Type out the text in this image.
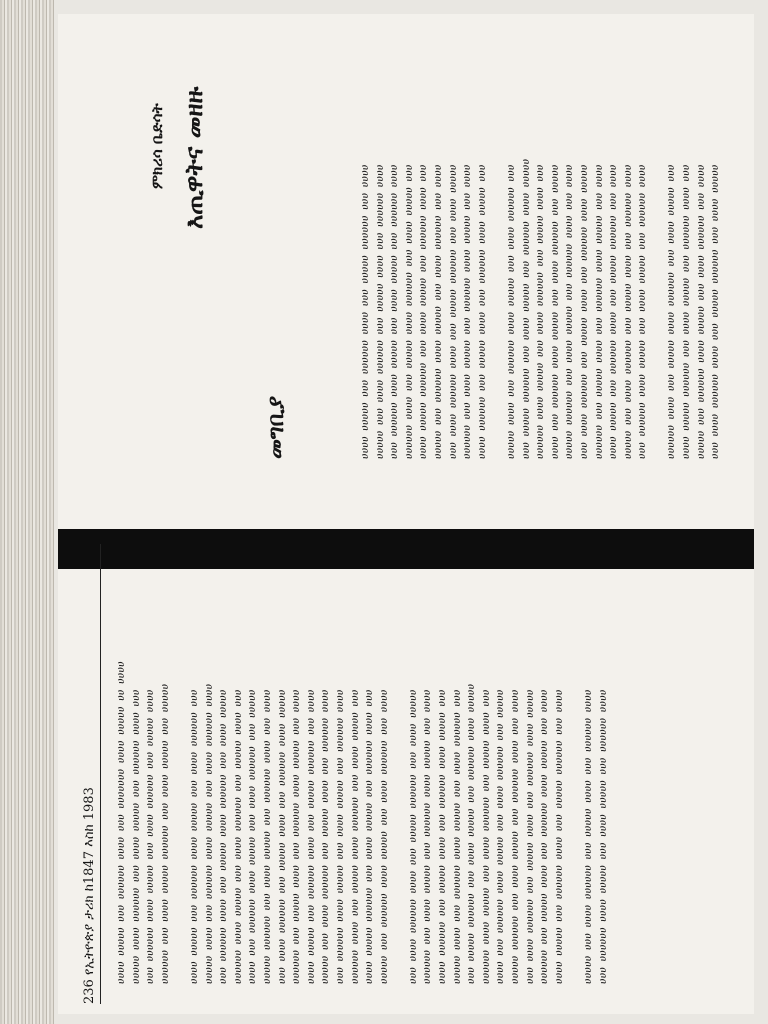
236 የኢትዮጵያ ታሪክ ከ1847 እስከ 1983	ሀሀሀሀ ሀሀሀሀሀ ሀሀሀ ሀሀሀሀሀሀ ሀሀሀሀ ሀሀሀ ሀሀሀሀሀሀሀ ሀሀሀሀ ሀሀሀሀሀ ሀሀ ሀሀሀሀ ሀሀሀሀሀ ሀሀሀሀ ሀሀሀሀሀሀ ሀሀሀ ሀሀሀሀ ሀሀሀሀሀ ሀሀሀ ሀሀሀሀሀሀ ሀሀሀሀ ሀሀሀ ሀሀሀ ሀሀሀሀሀሀ ሀሀሀሀ ሀሀሀሀሀ ሀሀሀ ሀሀሀሀ ሀሀሀሀሀሀ ሀሀሀ ሀሀሀሀሀ ሀሀሀሀ ሀሀሀሀሀሀ ሀሀሀ ሀሀሀሀ ሀሀሀሀሀ ሀሀሀሀሀሀ ሀሀሀ ሀሀሀሀ ሀሀሀሀሀ ሀሀሀ ሀሀሀሀሀ
ሀሀሀሀ ሀሀሀሀሀ ሀሀሀ ሀሀሀሀሀሀ ሀሀሀሀ ሀሀሀሀሀ ሀሀሀ ሀሀሀሀ ሀሀሀሀሀሀ ሀሀሀ ሀሀሀሀሀ ሀሀሀሀ ሀሀሀ ሀሀሀሀሀሀ ሀሀሀሀ ሀሀሀሀሀ ሀሀሀ ሀሀሀሀ ሀሀሀሀሀሀ ሀሀሀሀ ሀሀሀ ሀሀሀሀሀሀ ሀሀሀሀ ሀሀሀ ሀሀሀሀሀ ሀሀሀሀ ሀሀሀሀሀሀ ሀሀሀ ሀሀሀሀ ሀሀሀሀሀ ሀሀሀሀሀሀ ሀሀሀሀ ሀሀሀሀሀ ሀሀሀ ሀሀሀሀ ሀሀሀሀሀሀ ሀሀሀ ሀሀሀሀሀ ሀሀሀሀ ሀሀሀ ሀሀሀሀ ሀሀሀ ሀሀሀሀሀሀ ሀሀሀሀ ሀሀሀሀሀ ሀሀሀ ሀሀሀሀ ሀሀሀሀሀሀ ሀሀሀ ሀሀሀሀሀ ሀሀሀሀሀ ሀሀሀሀሀሀ ሀሀሀ ሀሀሀሀ ሀሀሀሀሀ ሀሀሀ ሀሀሀሀሀሀ ሀሀሀሀ ሀሀሀ ሀሀሀሀ ሀሀሀ ሀሀሀሀ ሀሀሀሀሀሀ ሀሀሀ ሀሀሀሀሀ ሀሀሀሀ ሀሀሀ ሀሀሀሀሀሀ ሀሀሀሀ ሀሀሀሀሀ ሀሀሀሀሀሀ ሀሀሀ ሀሀሀሀሀ ሀሀሀሀ ሀሀሀ ሀሀሀሀሀሀ ሀሀሀሀ ሀሀሀሀሀ ሀሀሀ ሀሀሀሀ ሀሀሀሀ ሀሀሀሀሀ ሀሀሀ ሀሀሀሀሀሀ ሀሀሀሀ ሀሀሀ ሀሀሀሀሀ ሀሀሀሀሀሀ ሀሀሀ ሀሀሀሀ ሀሀሀሀሀ ሀሀሀ ሀሀሀሀ ሀሀሀሀሀሀ ሀሀሀ ሀሀሀሀሀ ሀሀሀሀ ሀሀሀ ሀሀሀሀሀሀ ሀሀሀሀ ሀሀሀ ሀሀሀሀሀሀ ሀሀሀሀ ሀሀሀሀሀ ሀሀሀ ሀሀሀሀ ሀሀሀሀሀ ሀሀሀ ሀሀሀሀሀሀ ሀሀሀሀ ሀሀሀሀሀሀ ሀሀሀሀ ሀሀሀ ሀሀሀሀሀ ሀሀሀሀ ሀሀሀሀሀሀ ሀሀሀ ሀሀሀሀ ሀሀሀሀሀ ሀሀሀ ሀሀሀሀ ሀሀሀሀሀ ሀሀሀሀሀሀ ሀሀሀ ሀሀሀሀ ሀሀሀሀሀ ሀሀሀ ሀሀሀሀሀሀ ሀሀሀሀ ሀሀሀ ሀሀሀሀሀ ሀሀሀ ሀሀሀሀሀሀ ሀሀሀሀ ሀሀሀሀሀ ሀሀሀ ሀሀሀሀ ሀሀሀሀሀሀ ሀሀሀ ሀሀሀሀ
ሀሀሀ ሀሀሀሀ ሀሀሀሀሀሀ ሀሀሀሀ ሀሀሀ ሀሀሀሀሀ ሀሀሀሀሀሀ ሀሀሀ ሀሀሀሀ ሀሀሀሀሀ ሀሀሀሀሀሀ ሀሀሀ ሀሀሀሀ ሀሀሀሀሀ ሀሀሀ ሀሀሀሀሀሀ ሀሀሀሀ ሀሀሀሀሀ ሀሀሀ ሀሀሀሀ ሀሀሀሀ ሀሀሀሀሀሀ ሀሀሀ ሀሀሀሀሀ ሀሀሀሀ ሀሀሀ ሀሀሀሀሀሀ ሀሀሀሀ ሀሀሀሀሀ ሀሀሀ ሀሀሀሀሀ ሀሀሀሀ ሀሀሀ ሀሀሀሀሀሀ ሀሀሀሀ ሀሀሀሀሀ ሀሀሀ ሀሀሀሀ ሀሀሀሀሀሀ ሀሀሀ ሀሀሀ ሀሀሀሀሀ ሀሀሀሀሀሀ ሀሀሀ ሀሀሀሀ ሀሀሀሀሀ ሀሀሀ ሀሀሀሀሀሀ ሀሀሀሀ ሀሀሀሀሀ ሀሀሀሀሀሀ ሀሀሀሀ ሀሀሀሀሀ ሀሀሀ ሀሀሀሀ ሀሀሀሀሀሀ ሀሀሀ ሀሀሀሀሀ ሀሀሀሀ ሀሀሀ ሀሀሀሀ ሀሀሀ ሀሀሀሀሀሀ ሀሀሀሀ ሀሀሀሀሀ ሀሀሀ ሀሀሀሀ ሀሀሀሀሀሀ ሀሀሀ ሀሀሀሀሀ ሀሀሀሀሀ ሀሀሀሀሀሀ ሀሀሀ ሀሀሀሀ ሀሀሀሀሀ ሀሀሀ ሀሀሀሀሀሀ ሀሀሀሀ ሀሀሀ ሀሀሀሀ ሀሀሀ ሀሀሀሀ ሀሀሀሀሀሀ ሀሀሀ ሀሀሀሀሀ ሀሀሀሀ ሀሀሀ ሀሀሀሀሀሀ ሀሀሀሀ ሀሀሀሀሀ ሀሀሀሀሀሀ ሀሀሀ ሀሀሀሀሀ ሀሀሀሀ ሀሀሀ ሀሀሀሀሀሀ ሀሀሀሀ ሀሀሀሀሀ ሀሀሀ ሀሀሀሀ ሀሀሀሀ ሀሀሀሀሀ ሀሀሀ ሀሀሀሀሀሀ ሀሀሀሀ ሀሀሀ ሀሀሀሀሀ ሀሀሀሀሀሀ ሀሀሀ ሀሀሀሀ
ሀሀሀሀሀ ሀሀሀ ሀሀሀሀ ሀሀሀሀሀሀ ሀሀሀ ሀሀሀሀሀ ሀሀሀሀ ሀሀሀ ሀሀሀሀሀሀ ሀሀሀሀ ሀሀሀ ሀሀሀሀሀሀ ሀሀሀሀ ሀሀሀሀሀ ሀሀሀ ሀሀሀሀ ሀሀሀሀሀ ሀሀሀ ሀሀሀሀሀሀ ሀሀሀሀ
ምክሪሳ ቤድሳት እጢዋትና መዘዙ
መግቢያ	ሀሀሀሀ ሀሀሀሀሀ ሀሀሀ ሀሀሀሀሀሀ ሀሀሀሀ ሀሀሀ ሀሀሀሀሀ ሀሀሀሀሀሀ ሀሀሀ ሀሀሀሀ ሀሀሀሀሀ ሀሀሀ ሀሀሀሀ ሀሀሀሀሀሀ ሀሀሀ ሀሀሀሀሀ ሀሀሀሀ ሀሀሀ ሀሀሀሀሀሀ ሀሀሀሀ ሀሀሀ ሀሀሀሀሀሀ ሀሀሀሀ ሀሀሀሀሀ ሀሀሀ ሀሀሀሀ ሀሀሀሀሀ ሀሀሀ ሀሀሀሀሀሀ ሀሀሀሀ ሀሀሀሀሀሀ ሀሀሀሀ ሀሀሀ ሀሀሀሀሀ ሀሀሀሀ ሀሀሀሀሀሀ ሀሀሀ ሀሀሀሀ ሀሀሀሀሀ ሀሀሀ ሀሀሀሀ ሀሀሀሀሀ ሀሀሀሀሀሀ ሀሀሀ ሀሀሀሀ ሀሀሀሀሀ ሀሀሀ ሀሀሀሀሀሀ ሀሀሀሀ ሀሀሀ ሀሀሀሀሀ ሀሀሀ ሀሀሀሀሀሀ ሀሀሀሀ ሀሀሀሀሀ ሀሀሀ ሀሀሀሀ ሀሀሀሀሀሀ ሀሀሀ ሀሀሀሀ ሀሀሀ ሀሀሀሀ ሀሀሀሀሀሀ ሀሀሀሀ ሀሀሀ ሀሀሀሀሀ ሀሀሀሀሀሀ ሀሀሀ ሀሀሀሀ ሀሀሀሀሀ ሀሀሀሀሀሀ ሀሀሀ ሀሀሀሀ ሀሀሀሀሀ ሀሀሀ ሀሀሀሀሀሀ ሀሀሀሀ ሀሀሀሀሀ ሀሀሀ ሀሀሀሀ ሀሀሀሀ ሀሀሀሀሀሀ ሀሀሀ ሀሀሀሀሀ ሀሀሀሀ ሀሀሀ ሀሀሀሀሀሀ ሀሀሀሀ ሀሀሀሀሀ ሀሀሀ
ሀሀሀሀሀ ሀሀሀሀ ሀሀሀ ሀሀሀሀሀሀ ሀሀሀሀ ሀሀሀሀሀ ሀሀሀ ሀሀሀሀ ሀሀሀሀሀሀ ሀሀሀ ሀሀሀ ሀሀሀሀሀ ሀሀሀሀሀሀ ሀሀሀ ሀሀሀሀ ሀሀሀሀሀ ሀሀሀ ሀሀሀሀሀሀ ሀሀሀሀ ሀሀሀሀሀ ሀሀሀሀሀሀ ሀሀሀሀ ሀሀሀሀሀ ሀሀሀ ሀሀሀሀ ሀሀሀሀሀሀ ሀሀሀ ሀሀሀሀሀ ሀሀሀሀ ሀሀሀ ሀሀሀሀ ሀሀሀ ሀሀሀሀሀሀ ሀሀሀሀ ሀሀሀሀሀ ሀሀሀ ሀሀሀሀ ሀሀሀሀሀሀ ሀሀሀ ሀሀሀሀሀ ሀሀሀሀሀ ሀሀሀሀሀሀ ሀሀሀ ሀሀሀሀ ሀሀሀሀሀ ሀሀሀ ሀሀሀሀሀሀ ሀሀሀሀ ሀሀሀ ሀሀሀሀ ሀሀሀ ሀሀሀሀ ሀሀሀሀሀሀ ሀሀሀ ሀሀሀሀሀ ሀሀሀሀ ሀሀሀ ሀሀሀሀሀሀ ሀሀሀሀ ሀሀሀሀሀ ሀሀሀሀሀሀ ሀሀሀ ሀሀሀሀሀ ሀሀሀሀ ሀሀሀ ሀሀሀሀሀሀ ሀሀሀሀ ሀሀሀሀሀ ሀሀሀ ሀሀሀሀ ሀሀሀሀ ሀሀሀሀሀ ሀሀሀ ሀሀሀሀሀሀ ሀሀሀሀ ሀሀሀ ሀሀሀሀሀ ሀሀሀሀሀሀ ሀሀሀ ሀሀሀሀ ሀሀሀሀሀ ሀሀሀ ሀሀሀሀ ሀሀሀሀሀሀ ሀሀሀ ሀሀሀሀሀ ሀሀሀሀ ሀሀሀ ሀሀሀሀሀሀ ሀሀሀሀ ሀሀሀ ሀሀሀሀሀሀ ሀሀሀሀ ሀሀሀሀሀ ሀሀሀ ሀሀሀሀ ሀሀሀሀሀ ሀሀሀ ሀሀሀሀሀሀ ሀሀሀሀ
ሀሀሀሀሀሀ ሀሀሀሀ ሀሀሀ ሀሀሀሀሀ ሀሀሀሀ ሀሀሀሀሀሀ ሀሀሀ ሀሀሀሀ ሀሀሀሀሀ ሀሀሀ ሀሀሀሀ ሀሀሀሀሀ ሀሀሀሀሀሀ ሀሀሀ ሀሀሀሀ ሀሀሀሀሀ ሀሀሀ ሀሀሀሀሀሀ ሀሀሀሀ ሀሀሀ ሀሀሀሀሀ ሀሀሀ ሀሀሀሀሀሀ ሀሀሀሀ ሀሀሀሀሀ ሀሀሀ ሀሀሀሀ ሀሀሀሀሀሀ ሀሀሀ ሀሀሀሀ ሀሀሀ ሀሀሀሀ ሀሀሀሀሀሀ ሀሀሀሀ ሀሀሀ ሀሀሀሀሀ ሀሀሀሀሀሀ ሀሀሀ ሀሀሀሀ ሀሀሀሀሀ
